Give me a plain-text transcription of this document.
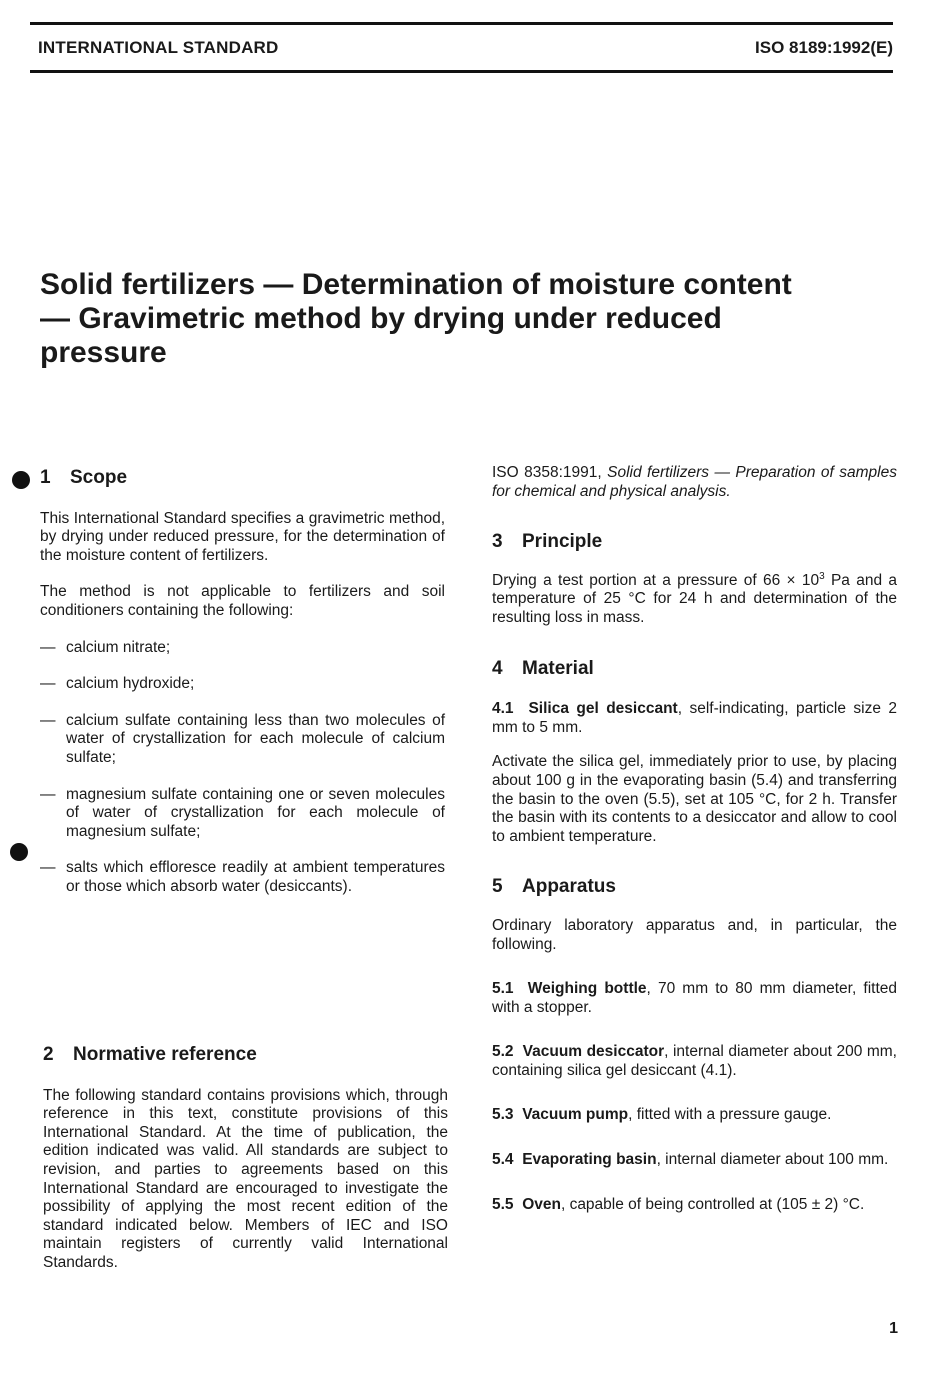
INTERNATIONAL STANDARD	ISO 8189:1992(E)
Solid fertilizers — Determination of moisture content — Gravimetric method by drying under reduced pressure
1 Scope

This International Standard specifies a gravimetric method, by drying under reduced pressure, for the determination of the moisture content of fertilizers.

The method is not applicable to fertilizers and soil conditioners containing the following:

— calcium nitrate;
— calcium hydroxide;
— calcium sulfate containing less than two molecules of water of crystallization for each molecule of calcium sulfate;
— magnesium sulfate containing one or seven molecules of water of crystallization for each molecule of magnesium sulfate;
— salts which effloresce readily at ambient temperatures or those which absorb water (desiccants).
2 Normative reference

The following standard contains provisions which, through reference in this text, constitute provisions of this International Standard. At the time of publication, the edition indicated was valid. All standards are subject to revision, and parties to agreements based on this International Standard are encouraged to investigate the possibility of applying the most recent edition of the standard indicated below. Members of IEC and ISO maintain registers of currently valid International Standards.

ISO 8358:1991, Solid fertilizers — Preparation of samples for chemical and physical analysis.

3 Principle

Drying a test portion at a pressure of $66 \times 10^3$ Pa and a temperature of 25 °C for 24 h and determination of the resulting loss in mass.

4 Material

4.1 Silica gel desiccant, self-indicating, particle size 2 mm to 5 mm.

Activate the silica gel, immediately prior to use, by placing about 100 g in the evaporating basin (5.4) and transferring the basin to the oven (5.5), set at 105 °C, for 2 h. Transfer the basin with its contents to a desiccator and allow to cool to ambient temperature.

5 Apparatus

Ordinary laboratory apparatus and, in particular, the following.

5.1 Weighing bottle, 70 mm to 80 mm diameter, fitted with a stopper.

5.2 Vacuum desiccator, internal diameter about 200 mm, containing silica gel desiccant (4.1).

5.3 Vacuum pump, fitted with a pressure gauge.

5.4 Evaporating basin, internal diameter about 100 mm.

5.5 Oven, capable of being controlled at (105 ± 2) °C.

1
